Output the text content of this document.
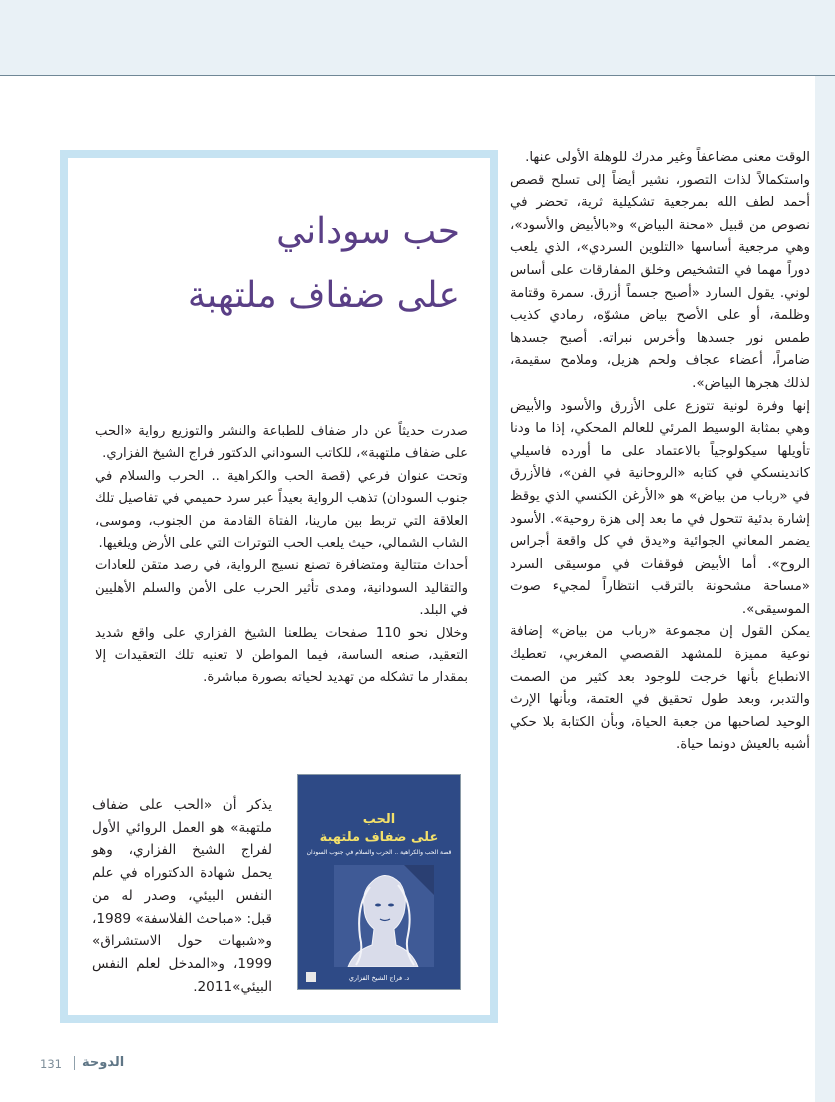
الوقت معنى مضاعفاً وغير مدرك للوهلة الأولى عنها.

واستكمالاً لذات التصور، نشير أيضاً إلى تسلح قصص أحمد لطف الله بمرجعية تشكيلية ثرية، تحضر في نصوص من قبيل «محنة البياض» و«بالأبيض والأسود»، وهي مرجعية أساسها «التلوين السردي»، الذي يلعب دوراً مهما في التشخيص وخلق المفارقات على أساس لوني. يقول السارد «أصبح جسماً أزرق. سمرة وقتامة وظلمة، أو على الأصح بياض مشوّه، رمادي كذيب طمس نور جسدها وأخرس نبراته. أصبح جسدها ضامراً، أعضاء عجاف ولحم هزيل، وملامح سقيمة، لذلك هجرها البياض».

إنها وفرة لونية تتوزع على الأزرق والأسود والأبيض وهي بمثابة الوسيط المرئي للعالم المحكي، إذا ما ودنا تأويلها سيكولوجياً بالاعتماد على ما أورده فاسيلي كاندينسكي في كتابه «الروحانية في الفن»، فالأزرق في «رباب من بياض» هو «الأرغن الكنسي الذي يوقظ إشارة بدئية تتحول في ما بعد إلى هزة روحية». الأسود يضمر المعاني الجوائية و«يدق في كل واقعة أجراس الروح». أما الأبيض فوقفات في موسيقى السرد «مساحة مشحونة بالترقب انتظاراً لمجيء صوت الموسيقى».

يمكن القول إن مجموعة «رباب من بياض» إضافة نوعية مميزة للمشهد القصصي المغربي، تعطيك الانطباع بأنها خرجت للوجود بعد كثير من الصمت والتدبر، وبعد طول تحقيق في العتمة، وبأنها الإرث الوحيد لصاحبها من جعبة الحياة، وبأن الكتابة بلا حكي أشبه بالعيش دونما حياة.

حب سوداني
على ضفاف ملتهبة

صدرت حديثاً عن دار ضفاف للطباعة والنشر والتوزيع رواية «الحب على ضفاف ملتهبة»، للكاتب السوداني الدكتور فراج الشيخ الفزاري.

وتحت عنوان فرعي (قصة الحب والكراهية .. الحرب والسلام في جنوب السودان) تذهب الرواية بعيداً عبر سرد حميمي في تفاصيل تلك العلاقة التي تربط بين مارينا، الفتاة القادمة من الجنوب، وموسى، الشاب الشمالي، حيث يلعب الحب التوترات التي على الأرض ويلغيها.

أحداث متتالية ومتضافرة تصنع نسيج الرواية، في رصد متقن للعادات والتقاليد السودانية، ومدى تأثير الحرب على الأمن والسلم الأهليين في البلد.

وخلال نحو 110 صفحات يطلعنا الشيخ الفزاري على واقع شديد التعقيد، صنعه الساسة، فيما المواطن لا تعنيه تلك التعقيدات إلا بمقدار ما تشكله من تهديد لحياته بصورة مباشرة.

يذكر أن «الحب على ضفاف ملتهبة» هو العمل الروائي الأول لفراج الشيخ الفزاري، وهو يحمل شهادة الدكتوراه في علم النفس البيئي، وصدر له من قبل: «مباحث الفلاسفة» 1989، و«شبهات حول الاستشراق» 1999، و«المدخل لعلم النفس البيئي»2011.
الحب
على ضفاف ملتهبة
قصة الحب والكراهية .. الحرب والسلام في جنوب السودان
د. فراج الشيخ الفزاري
131 الدوحة
